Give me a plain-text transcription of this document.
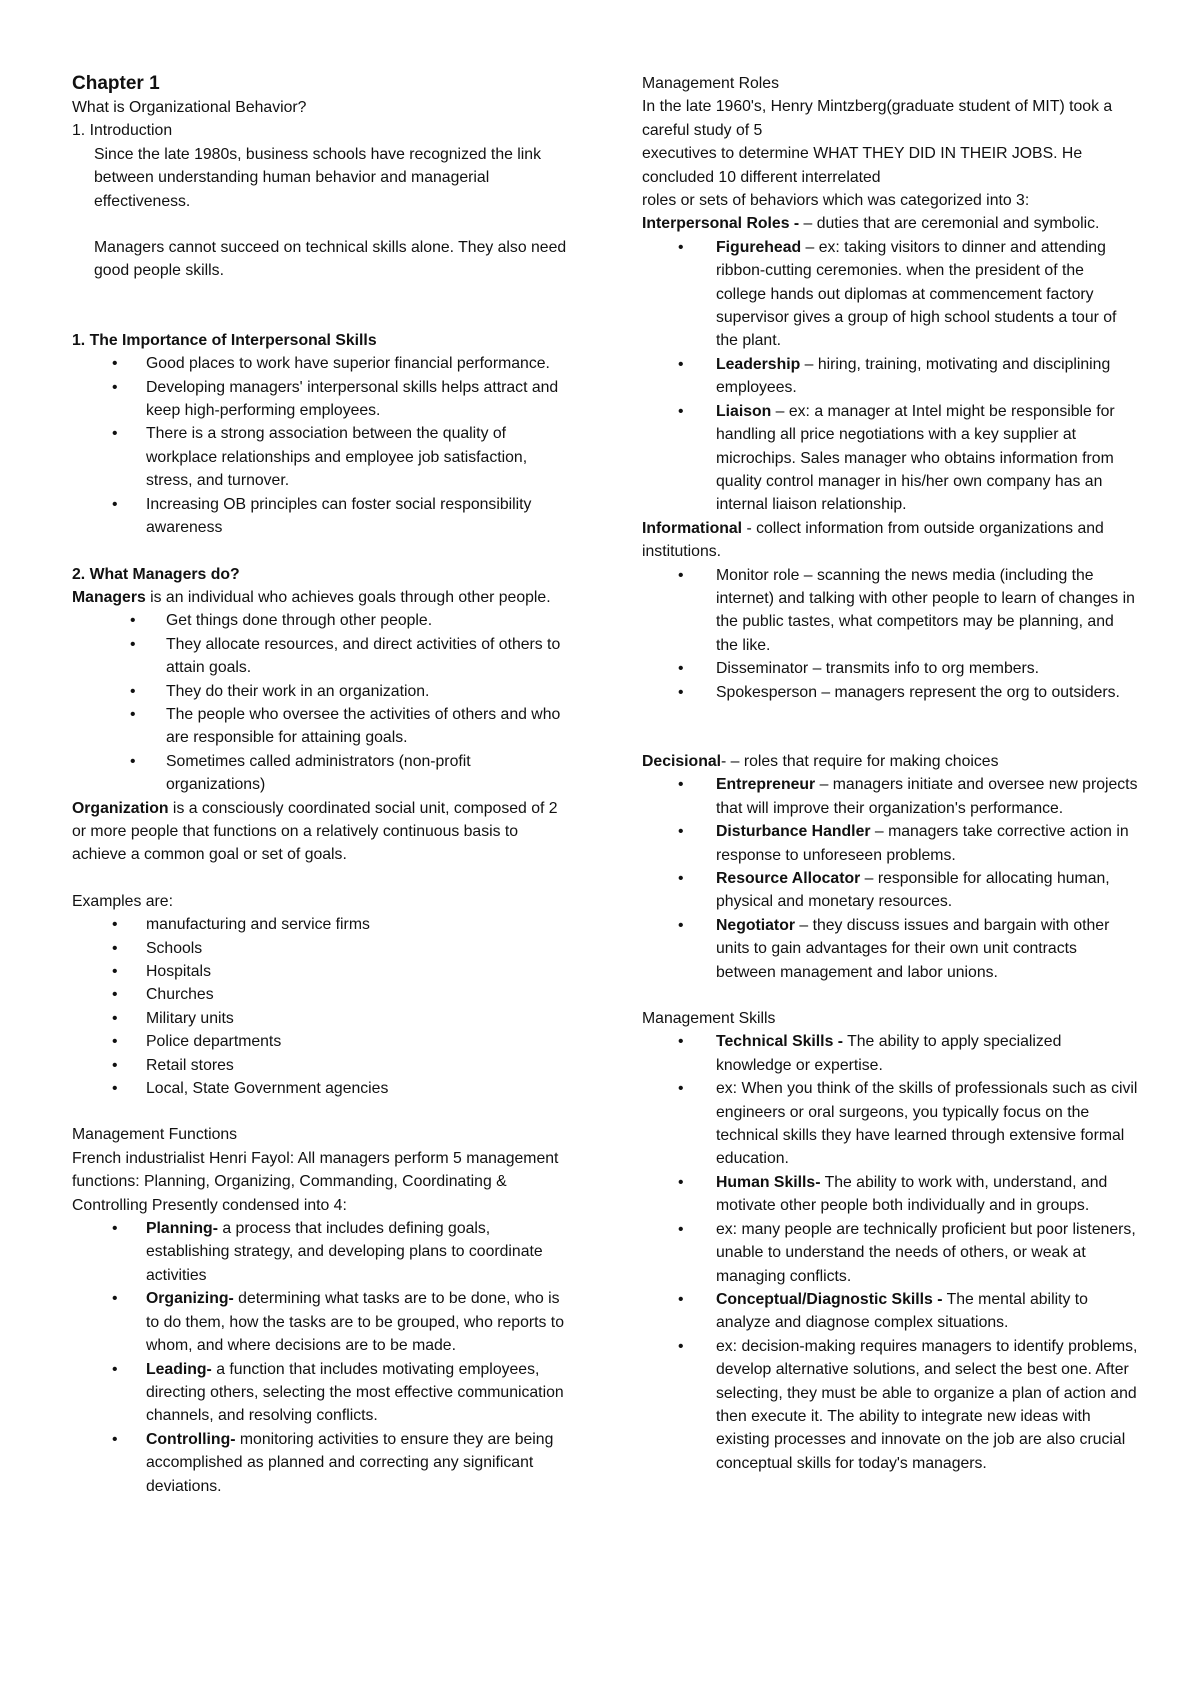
Chapter 1
What is Organizational Behavior?
1. Introduction
Since the late 1980s, business schools have recognized the link between understanding human behavior and managerial effectiveness.
Managers cannot succeed on technical skills alone. They also need good people skills.
1. The Importance of Interpersonal Skills
• Good places to work have superior financial performance.
• Developing managers' interpersonal skills helps attract and keep high-performing employees.
• There is a strong association between the quality of workplace relationships and employee job satisfaction, stress, and turnover.
• Increasing OB principles can foster social responsibility awareness
2. What Managers do?
Managers is an individual who achieves goals through other people.
• Get things done through other people.
• They allocate resources, and direct activities of others to attain goals.
• They do their work in an organization.
• The people who oversee the activities of others and who are responsible for attaining goals.
• Sometimes called administrators (non-profit organizations)
Organization is a consciously coordinated social unit, composed of 2 or more people that functions on a relatively continuous basis to achieve a common goal or set of goals.
Examples are:
• manufacturing and service firms
• Schools
• Hospitals
• Churches
• Military units
• Police departments
• Retail stores
• Local, State Government agencies
Management Functions
French industrialist Henri Fayol: All managers perform 5 management functions: Planning, Organizing, Commanding, Coordinating & Controlling Presently condensed into 4:
• Planning- a process that includes defining goals, establishing strategy, and developing plans to coordinate activities
• Organizing- determining what tasks are to be done, who is to do them, how the tasks are to be grouped, who reports to whom, and where decisions are to be made.
• Leading- a function that includes motivating employees, directing others, selecting the most effective communication channels, and resolving conflicts.
• Controlling- monitoring activities to ensure they are being accomplished as planned and correcting any significant deviations.
Management Roles
In the late 1960's, Henry Mintzberg(graduate student of MIT) took a careful study of 5
executives to determine WHAT THEY DID IN THEIR JOBS. He concluded 10 different interrelated
roles or sets of behaviors which was categorized into 3:
Interpersonal Roles - – duties that are ceremonial and symbolic.
• Figurehead – ex: taking visitors to dinner and attending ribbon-cutting ceremonies. when the president of the college hands out diplomas at commencement factory supervisor gives a group of high school students a tour of the plant.
• Leadership – hiring, training, motivating and disciplining employees.
• Liaison – ex: a manager at Intel might be responsible for handling all price negotiations with a key supplier at microchips. Sales manager who obtains information from quality control manager in his/her own company has an internal liaison relationship.
Informational - collect information from outside organizations and institutions.
• Monitor role – scanning the news media (including the internet) and talking with other people to learn of changes in the public tastes, what competitors may be planning, and the like.
• Disseminator – transmits info to org members.
• Spokesperson – managers represent the org to outsiders.
Decisional- – roles that require for making choices
• Entrepreneur – managers initiate and oversee new projects that will improve their organization's performance.
• Disturbance Handler – managers take corrective action in response to unforeseen problems.
• Resource Allocator – responsible for allocating human, physical and monetary resources.
• Negotiator – they discuss issues and bargain with other units to gain advantages for their own unit contracts between management and labor unions.
Management Skills
• Technical Skills - The ability to apply specialized knowledge or expertise.
• ex: When you think of the skills of professionals such as civil engineers or oral surgeons, you typically focus on the technical skills they have learned through extensive formal education.
• Human Skills- The ability to work with, understand, and motivate other people both individually and in groups.
• ex: many people are technically proficient but poor listeners, unable to understand the needs of others, or weak at managing conflicts.
• Conceptual/Diagnostic Skills - The mental ability to analyze and diagnose complex situations.
• ex: decision-making requires managers to identify problems, develop alternative solutions, and select the best one. After selecting, they must be able to organize a plan of action and then execute it. The ability to integrate new ideas with existing processes and innovate on the job are also crucial conceptual skills for today's managers.
